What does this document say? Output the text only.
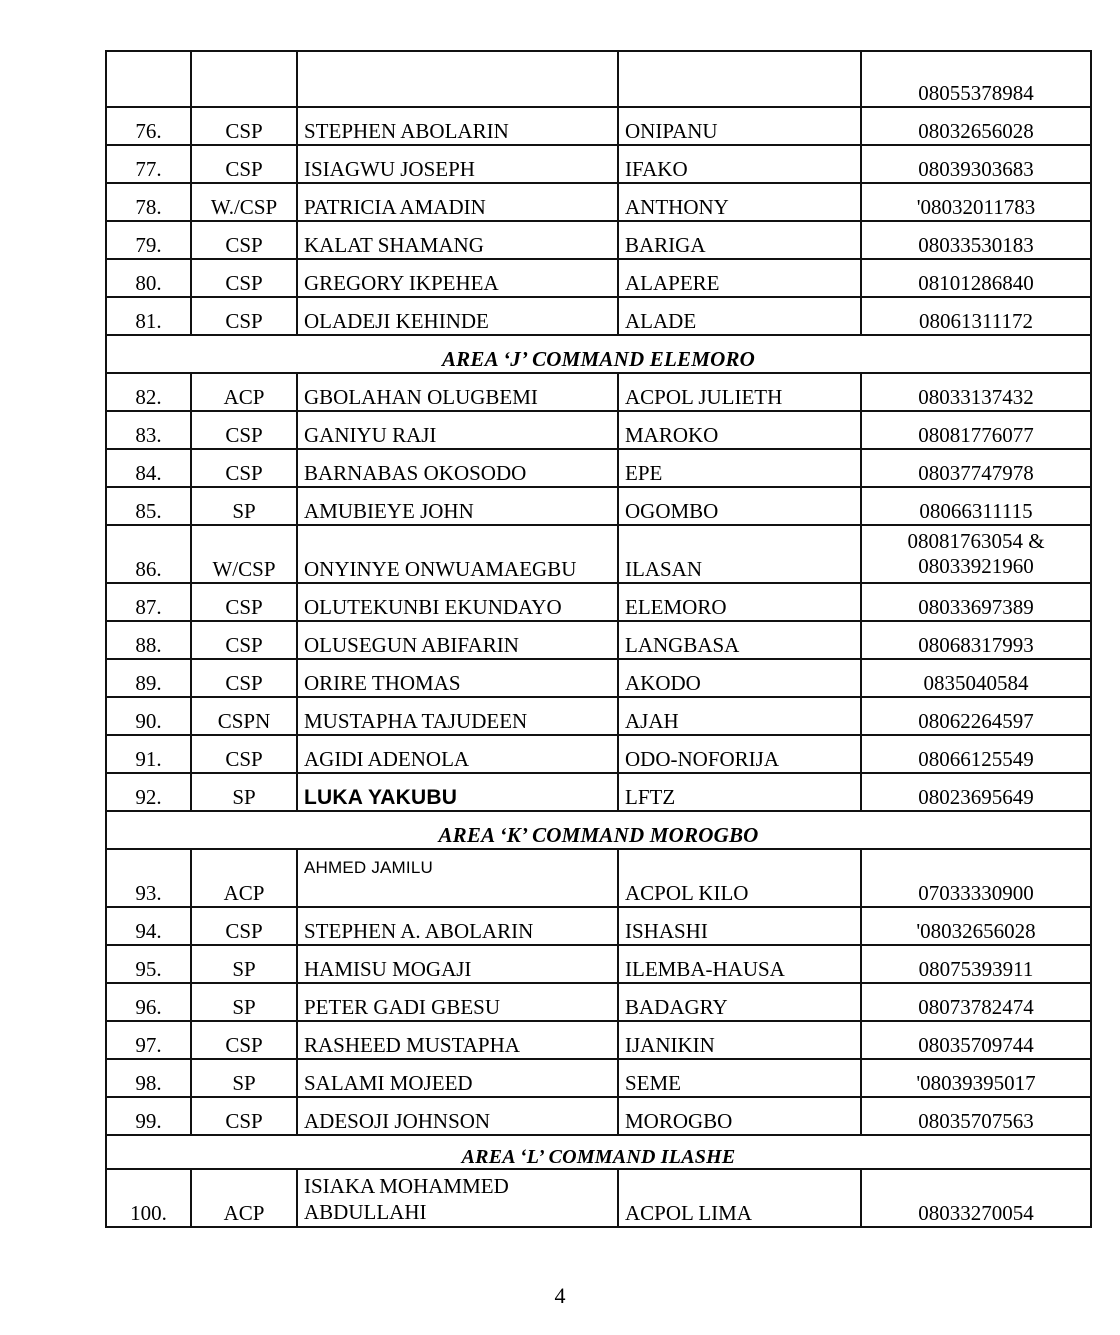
				08055378984
76.	CSP	STEPHEN ABOLARIN	ONIPANU	08032656028
77.	CSP	ISIAGWU JOSEPH	IFAKO	08039303683
78.	W./CSP	PATRICIA AMADIN	ANTHONY	'08032011783
79.	CSP	KALAT SHAMANG	BARIGA	08033530183
80.	CSP	GREGORY IKPEHEA	ALAPERE	08101286840
81.	CSP	OLADEJI KEHINDE	ALADE	08061311172
AREA ‘J’ COMMAND ELEMORO				
82.	ACP	GBOLAHAN OLUGBEMI	ACPOL JULIETH	08033137432
83.	CSP	GANIYU RAJI	MAROKO	08081776077
84.	CSP	BARNABAS OKOSODO	EPE	08037747978
85.	SP	AMUBIEYE JOHN	OGOMBO	08066311115
86.	W/CSP	ONYINYE ONWUAMAEGBU	ILASAN	08081763054 &
08033921960

87.	CSP	OLUTEKUNBI EKUNDAYO	ELEMORO	08033697389
88.	CSP	OLUSEGUN ABIFARIN	LANGBASA	08068317993
89.	CSP	ORIRE THOMAS	AKODO	0835040584
90.	CSPN	MUSTAPHA TAJUDEEN	AJAH	08062264597
91.	CSP	AGIDI ADENOLA	ODO-NOFORIJA	08066125549
92.	SP	LUKA YAKUBU	LFTZ	08023695649
AREA ‘K’ COMMAND MOROGBO				
93.	ACP	AHMED JAMILU	ACPOL KILO	07033330900
94.	CSP	STEPHEN A. ABOLARIN	ISHASHI	'08032656028
95.	SP	HAMISU MOGAJI	ILEMBA-HAUSA	08075393911
96.	SP	PETER GADI GBESU	BADAGRY	08073782474
97.	CSP	RASHEED MUSTAPHA	IJANIKIN	08035709744
98.	SP	SALAMI MOJEED	SEME	'08039395017
99.	CSP	ADESOJI JOHNSON	MOROGBO	08035707563
AREA ‘L’ COMMAND ILASHE				
100.	ACP	ISIAKA MOHAMMED
ABDULLAHI	ACPOL LIMA	08033270054
4
